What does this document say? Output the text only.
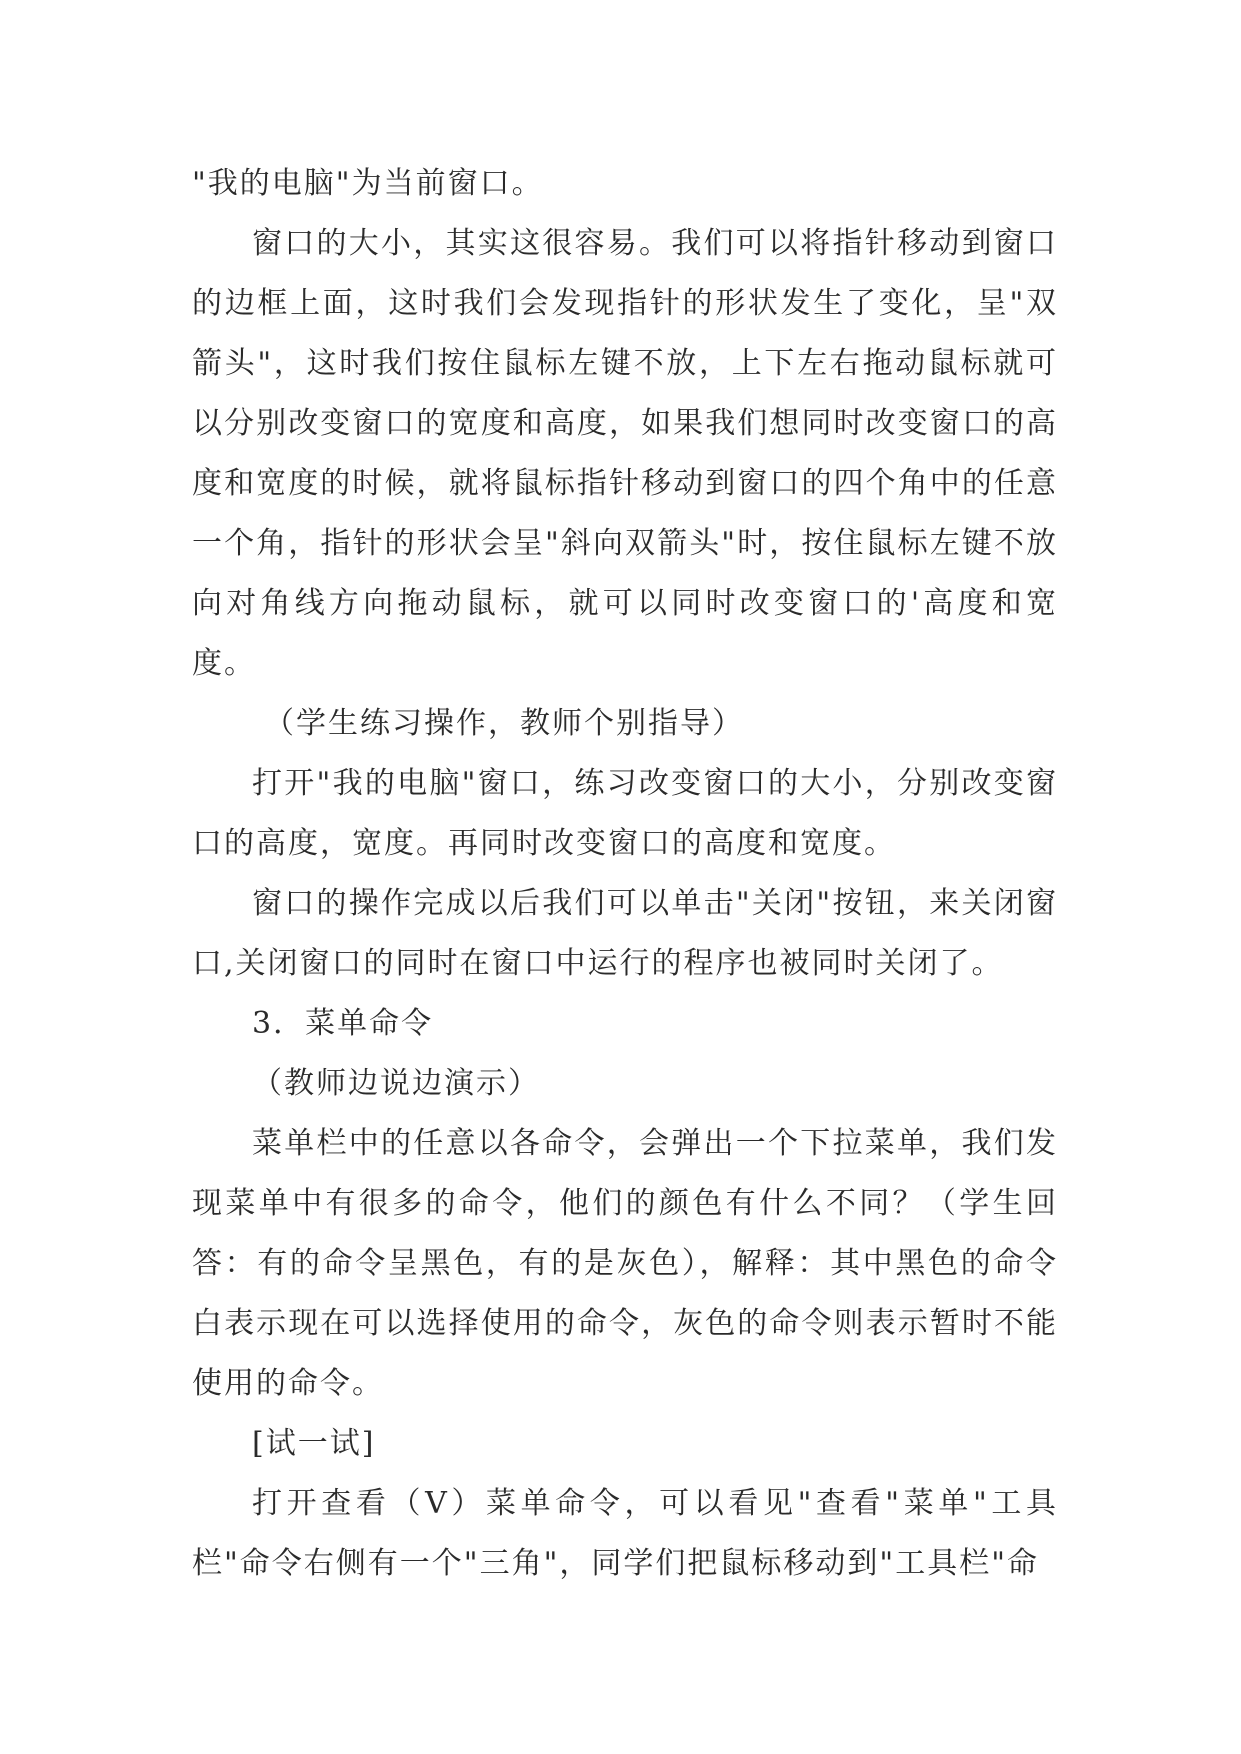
"我的电脑"为当前窗口。

窗口的大小，其实这很容易。我们可以将指针移动到窗口的边框上面，这时我们会发现指针的形状发生了变化，呈"双箭头"，这时我们按住鼠标左键不放，上下左右拖动鼠标就可以分别改变窗口的宽度和高度，如果我们想同时改变窗口的高度和宽度的时候，就将鼠标指针移动到窗口的四个角中的任意一个角，指针的形状会呈"斜向双箭头"时，按住鼠标左键不放向对角线方向拖动鼠标，就可以同时改变窗口的'高度和宽度。

（学生练习操作，教师个别指导）

打开"我的电脑"窗口，练习改变窗口的大小，分别改变窗口的高度，宽度。再同时改变窗口的高度和宽度。

窗口的操作完成以后我们可以单击"关闭"按钮，来关闭窗口,关闭窗口的同时在窗口中运行的程序也被同时关闭了。

3．菜单命令

（教师边说边演示）

菜单栏中的任意以各命令，会弹出一个下拉菜单，我们发现菜单中有很多的命令，他们的颜色有什么不同？（学生回答：有的命令呈黑色，有的是灰色），解释：其中黑色的命令白表示现在可以选择使用的命令，灰色的命令则表示暂时不能使用的命令。

[试一试]

打开查看（V）菜单命令，可以看见"查看"菜单"工具栏"命令右侧有一个"三角"，同学们把鼠标移动到"工具栏"命
